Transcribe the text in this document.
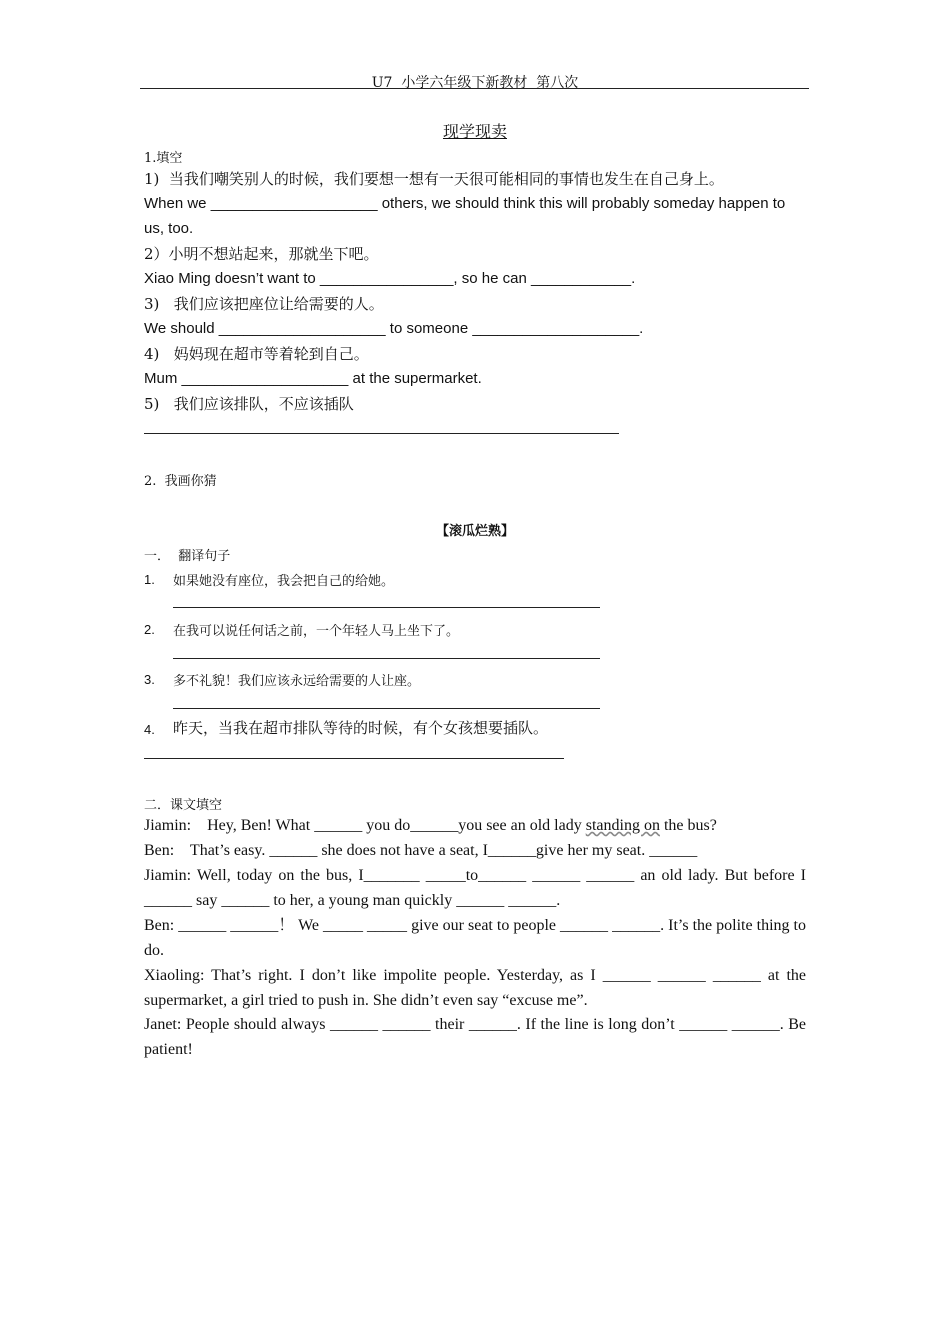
U7  小学六年级下新教材  第八次
现学现卖
1.填空
1)  当我们嘲笑别人的时候，我们要想一想有一天很可能相同的事情也发生在自己身上。
When we ____________________ others, we should think this will probably someday happen to
us, too.
2）小明不想站起来，那就坐下吧。
Xiao Ming doesn’t want to ________________, so he can ____________.
3)   我们应该把座位让给需要的人。
We should ____________________ to someone ____________________.
4)   妈妈现在超市等着轮到自己。
Mum ____________________ at the supermarket.
5)   我们应该排队，不应该插队
2.  我画你猜
【滚瓜烂熟】
一．  翻译句子
1. 如果她没有座位，我会把自己的给她。
2. 在我可以说任何话之前，一个年轻人马上坐下了。
3. 多不礼貌！我们应该永远给需要的人让座。
4. 昨天，当我在超市排队等待的时候，有个女孩想要插队。
二．课文填空
Jiamin:    Hey, Ben! What ______ you do______you see an old lady standing on the bus?
Ben:    That’s easy. ______ she does not have a seat, I______give her my seat. ______
Jiamin: Well, today on the bus, I_______ _____to______ ______ ______ an old lady. But before I ______ say ______ to her, a young man quickly ______ ______.
Ben: ______ ______！ We _____ _____ give our seat to people ______ ______. It’s the polite thing to do.
Xiaoling: That’s right. I don’t like impolite people. Yesterday, as I ______ ______ ______ at the supermarket, a girl tried to push in. She didn’t even say “excuse me”.
Janet: People should always ______ ______ their ______. If the line is long don’t ______ ______. Be patient!
